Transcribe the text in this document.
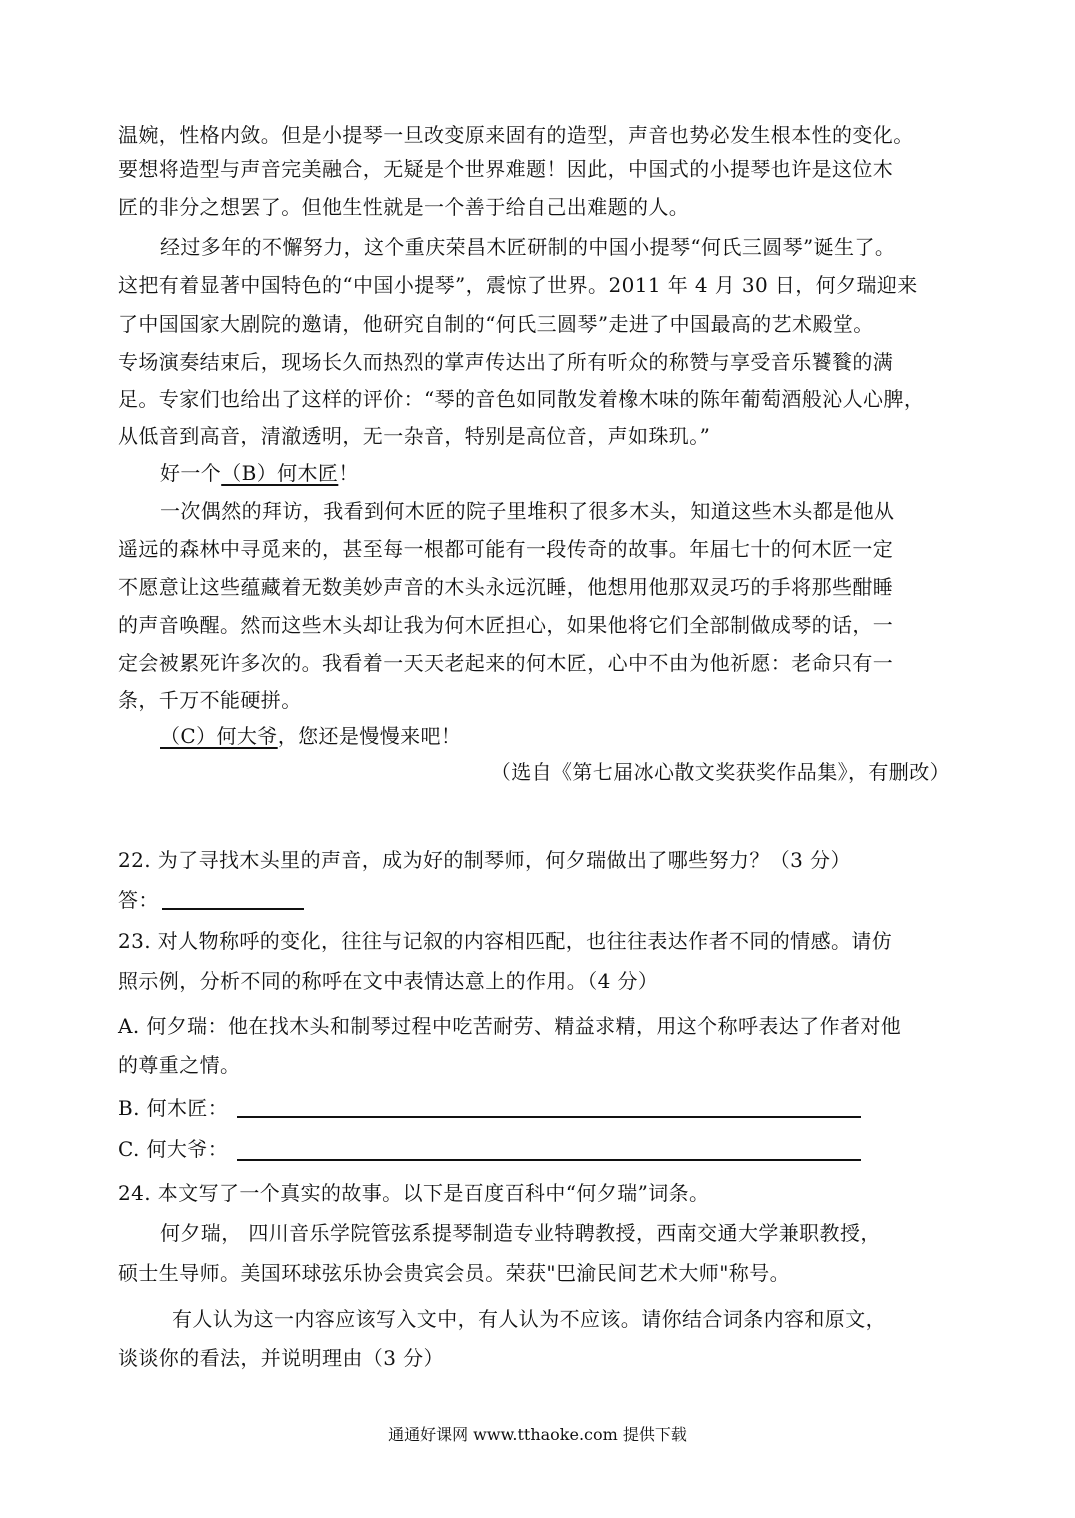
温婉，性格内敛。但是小提琴一旦改变原来固有的造型，声音也势必发生根本性的变化。
要想将造型与声音完美融合，无疑是个世界难题！因此，中国式的小提琴也许是这位木
匠的非分之想罢了。但他生性就是一个善于给自己出难题的人。
经过多年的不懈努力，这个重庆荣昌木匠研制的中国小提琴“何氏三圆琴”诞生了。
这把有着显著中国特色的“中国小提琴”，震惊了世界。2011 年 4 月 30 日，何夕瑞迎来
了中国国家大剧院的邀请，他研究自制的“何氏三圆琴”走进了中国最高的艺术殿堂。
专场演奏结束后，现场长久而热烈的掌声传达出了所有听众的称赞与享受音乐饕餮的满
足。专家们也给出了这样的评价：“琴的音色如同散发着橡木味的陈年葡萄酒般沁人心脾，
从低音到高音，清澈透明，无一杂音，特别是高位音，声如珠玑。”
好一个（B）何木匠！
一次偶然的拜访，我看到何木匠的院子里堆积了很多木头，知道这些木头都是他从
遥远的森林中寻觅来的，甚至每一根都可能有一段传奇的故事。年届七十的何木匠一定
不愿意让这些蕴藏着无数美妙声音的木头永远沉睡，他想用他那双灵巧的手将那些酣睡
的声音唤醒。然而这些木头却让我为何木匠担心，如果他将它们全部制做成琴的话，一
定会被累死许多次的。我看着一天天老起来的何木匠，心中不由为他祈愿：老命只有一
条，千万不能硬拼。
（C）何大爷，您还是慢慢来吧！
（选自《第七届冰心散文奖获奖作品集》，有删改）
22. 为了寻找木头里的声音，成为好的制琴师，何夕瑞做出了哪些努力？（3 分）
答：
23. 对人物称呼的变化，往往与记叙的内容相匹配，也往往表达作者不同的情感。请仿
照示例，分析不同的称呼在文中表情达意上的作用。（4 分）
A. 何夕瑞：他在找木头和制琴过程中吃苦耐劳、精益求精，用这个称呼表达了作者对他
的尊重之情。
B. 何木匠：
C. 何大爷：
24. 本文写了一个真实的故事。以下是百度百科中“何夕瑞”词条。
何夕瑞， 四川音乐学院管弦系提琴制造专业特聘教授，西南交通大学兼职教授，
硕士生导师。美国环球弦乐协会贵宾会员。荣获"巴渝民间艺术大师"称号。
有人认为这一内容应该写入文中，有人认为不应该。请你结合词条内容和原文，
谈谈你的看法，并说明理由（3 分）
通通好课网 www.tthaoke.com 提供下载
